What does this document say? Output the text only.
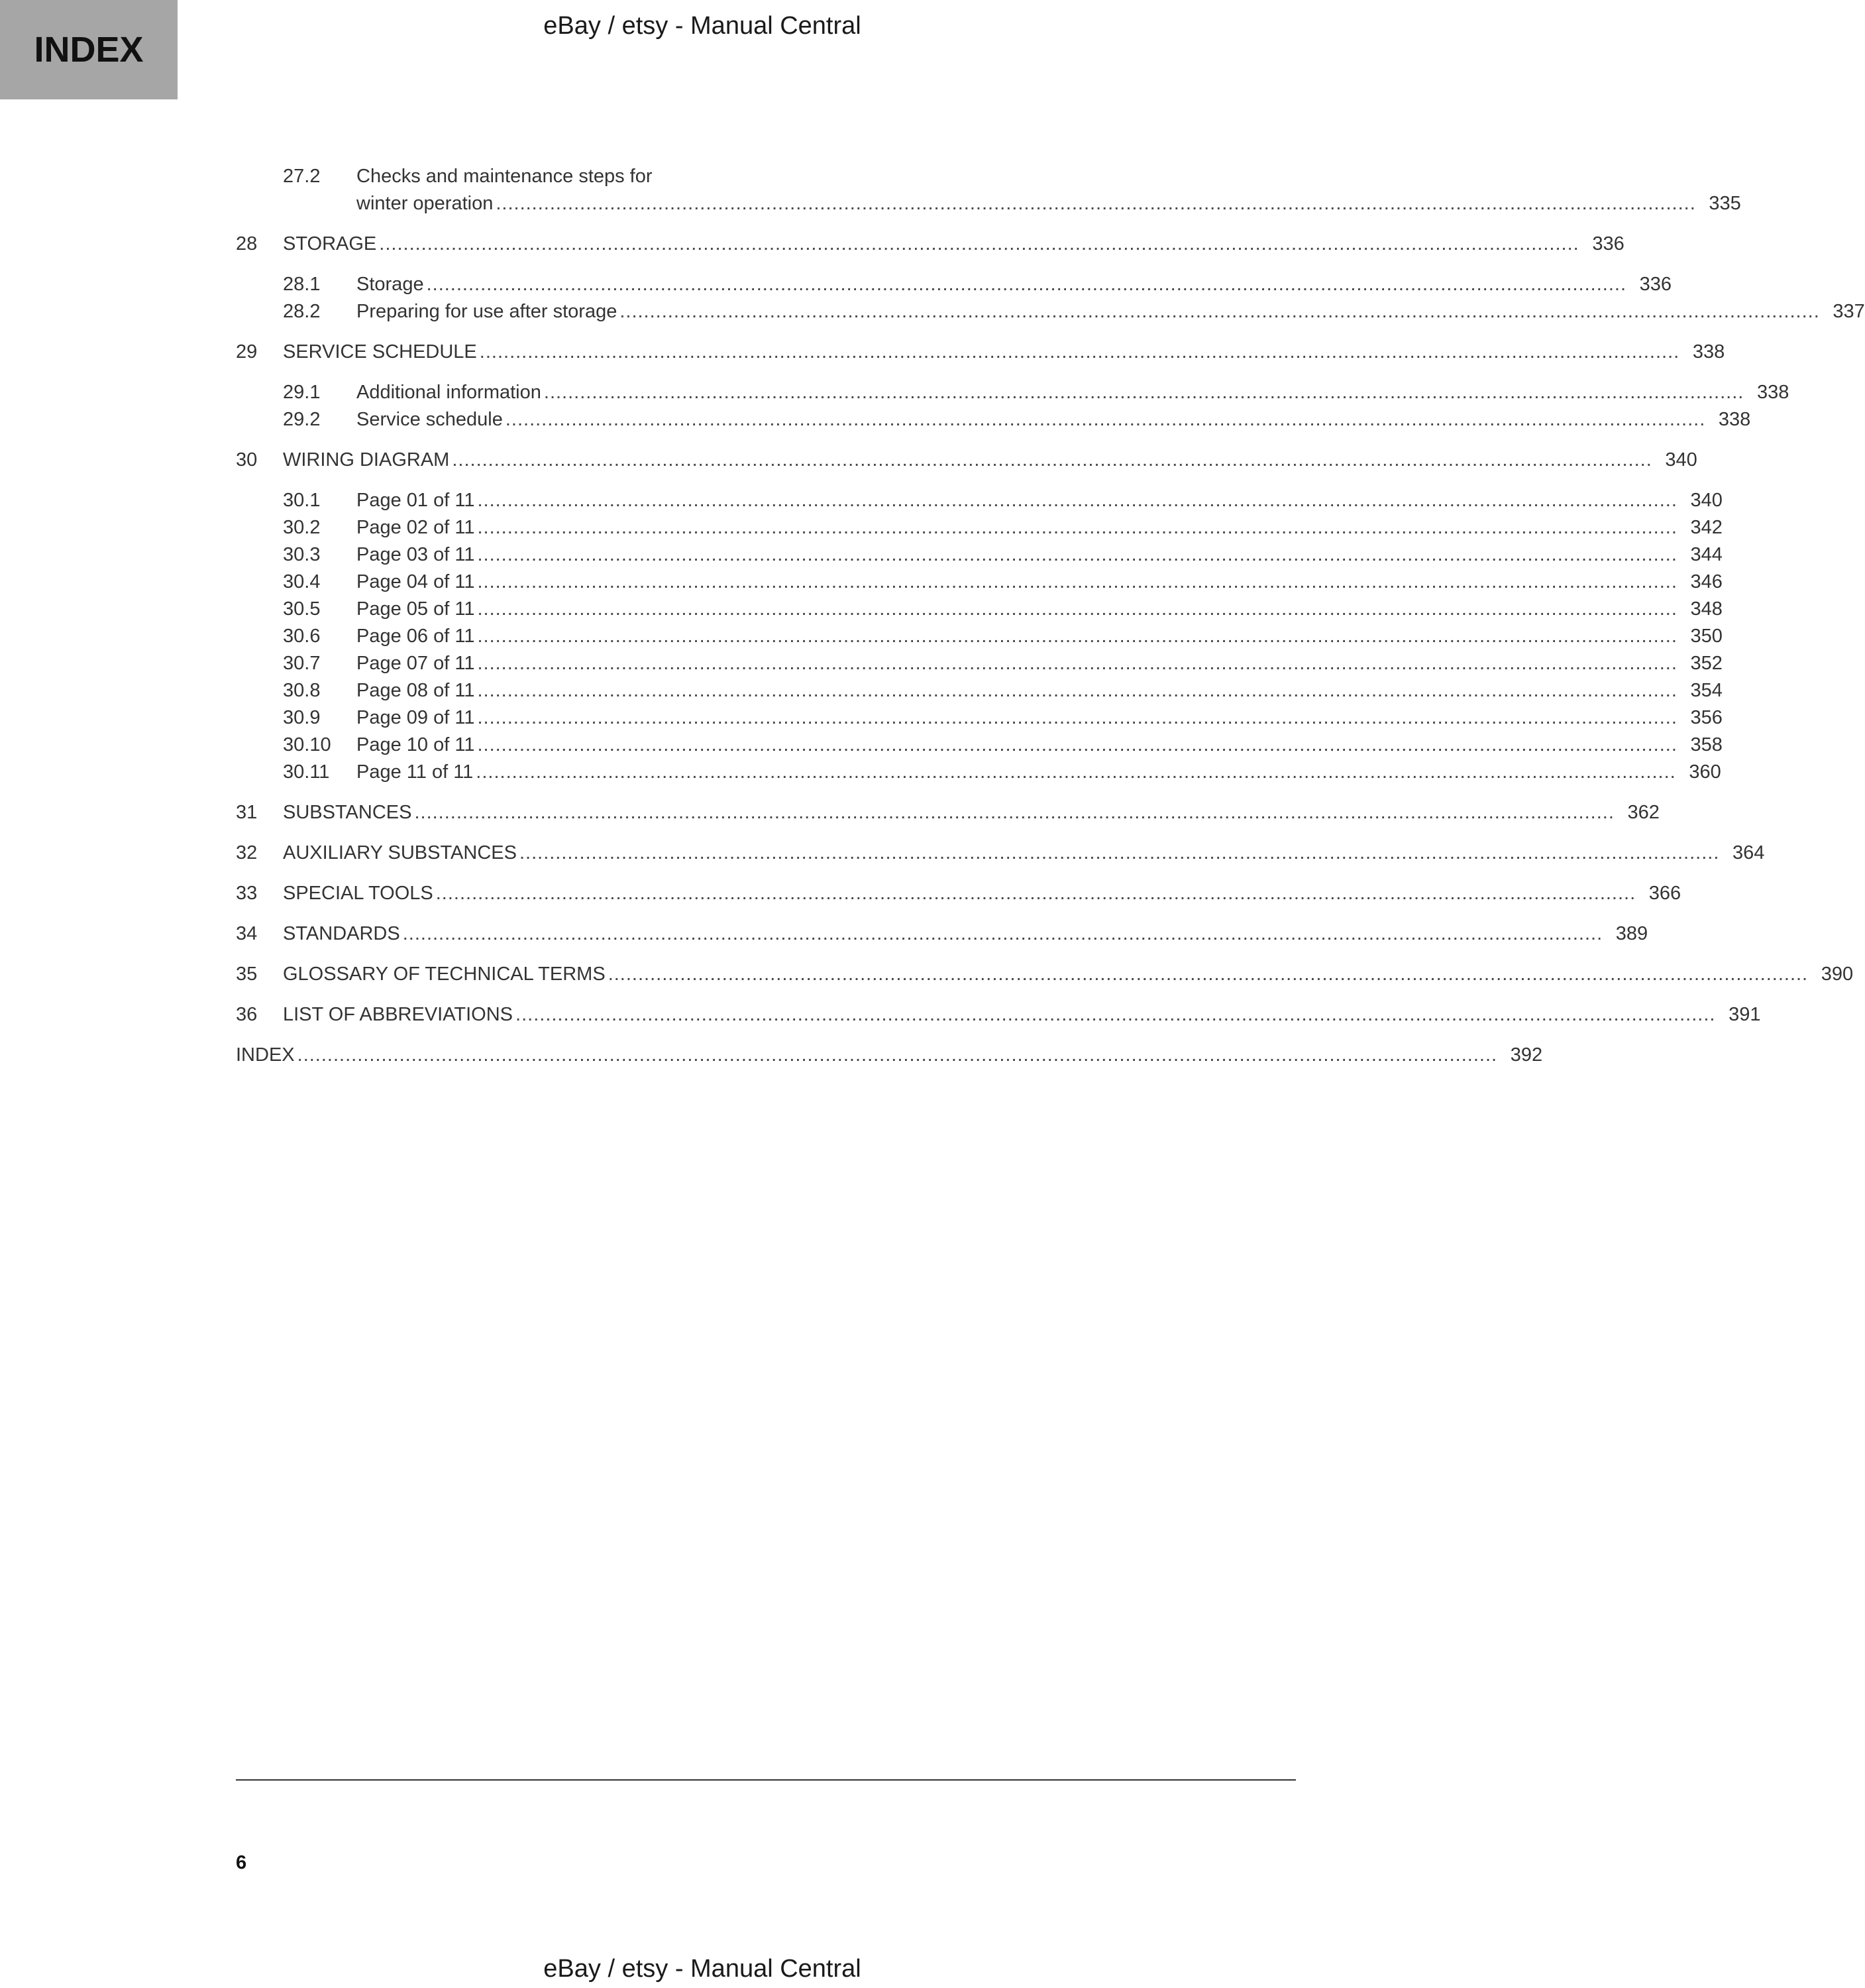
INDEX
eBay / etsy - Manual Central
27.2	Checks and maintenance steps for
winter operation ........................................................................................................................................................................................................ 335
28	STORAGE ........................................................................................................................................................................................................ 336
28.1	Storage ........................................................................................................................................................................................................ 336
28.2	Preparing for use after storage ........................................................................................................................................................................................................ 337
29	SERVICE SCHEDULE ........................................................................................................................................................................................................ 338
29.1	Additional information ........................................................................................................................................................................................................ 338
29.2	Service schedule ........................................................................................................................................................................................................ 338
30	WIRING DIAGRAM ........................................................................................................................................................................................................ 340
30.1	Page 01 of 11 ........................................................................................................................................................................................................ 340
30.2	Page 02 of 11 ........................................................................................................................................................................................................ 342
30.3	Page 03 of 11 ........................................................................................................................................................................................................ 344
30.4	Page 04 of 11 ........................................................................................................................................................................................................ 346
30.5	Page 05 of 11 ........................................................................................................................................................................................................ 348
30.6	Page 06 of 11 ........................................................................................................................................................................................................ 350
30.7	Page 07 of 11 ........................................................................................................................................................................................................ 352
30.8	Page 08 of 11 ........................................................................................................................................................................................................ 354
30.9	Page 09 of 11 ........................................................................................................................................................................................................ 356
30.10	Page 10 of 11 ........................................................................................................................................................................................................ 358
30.11	Page 11 of 11 ........................................................................................................................................................................................................ 360
31	SUBSTANCES ........................................................................................................................................................................................................ 362
32	AUXILIARY SUBSTANCES ........................................................................................................................................................................................................ 364
33	SPECIAL TOOLS ........................................................................................................................................................................................................ 366
34	STANDARDS ........................................................................................................................................................................................................ 389
35	GLOSSARY OF TECHNICAL TERMS ........................................................................................................................................................................................................ 390
36	LIST OF ABBREVIATIONS ........................................................................................................................................................................................................ 391
INDEX ........................................................................................................................................................................................................ 392
6
eBay / etsy - Manual Central
